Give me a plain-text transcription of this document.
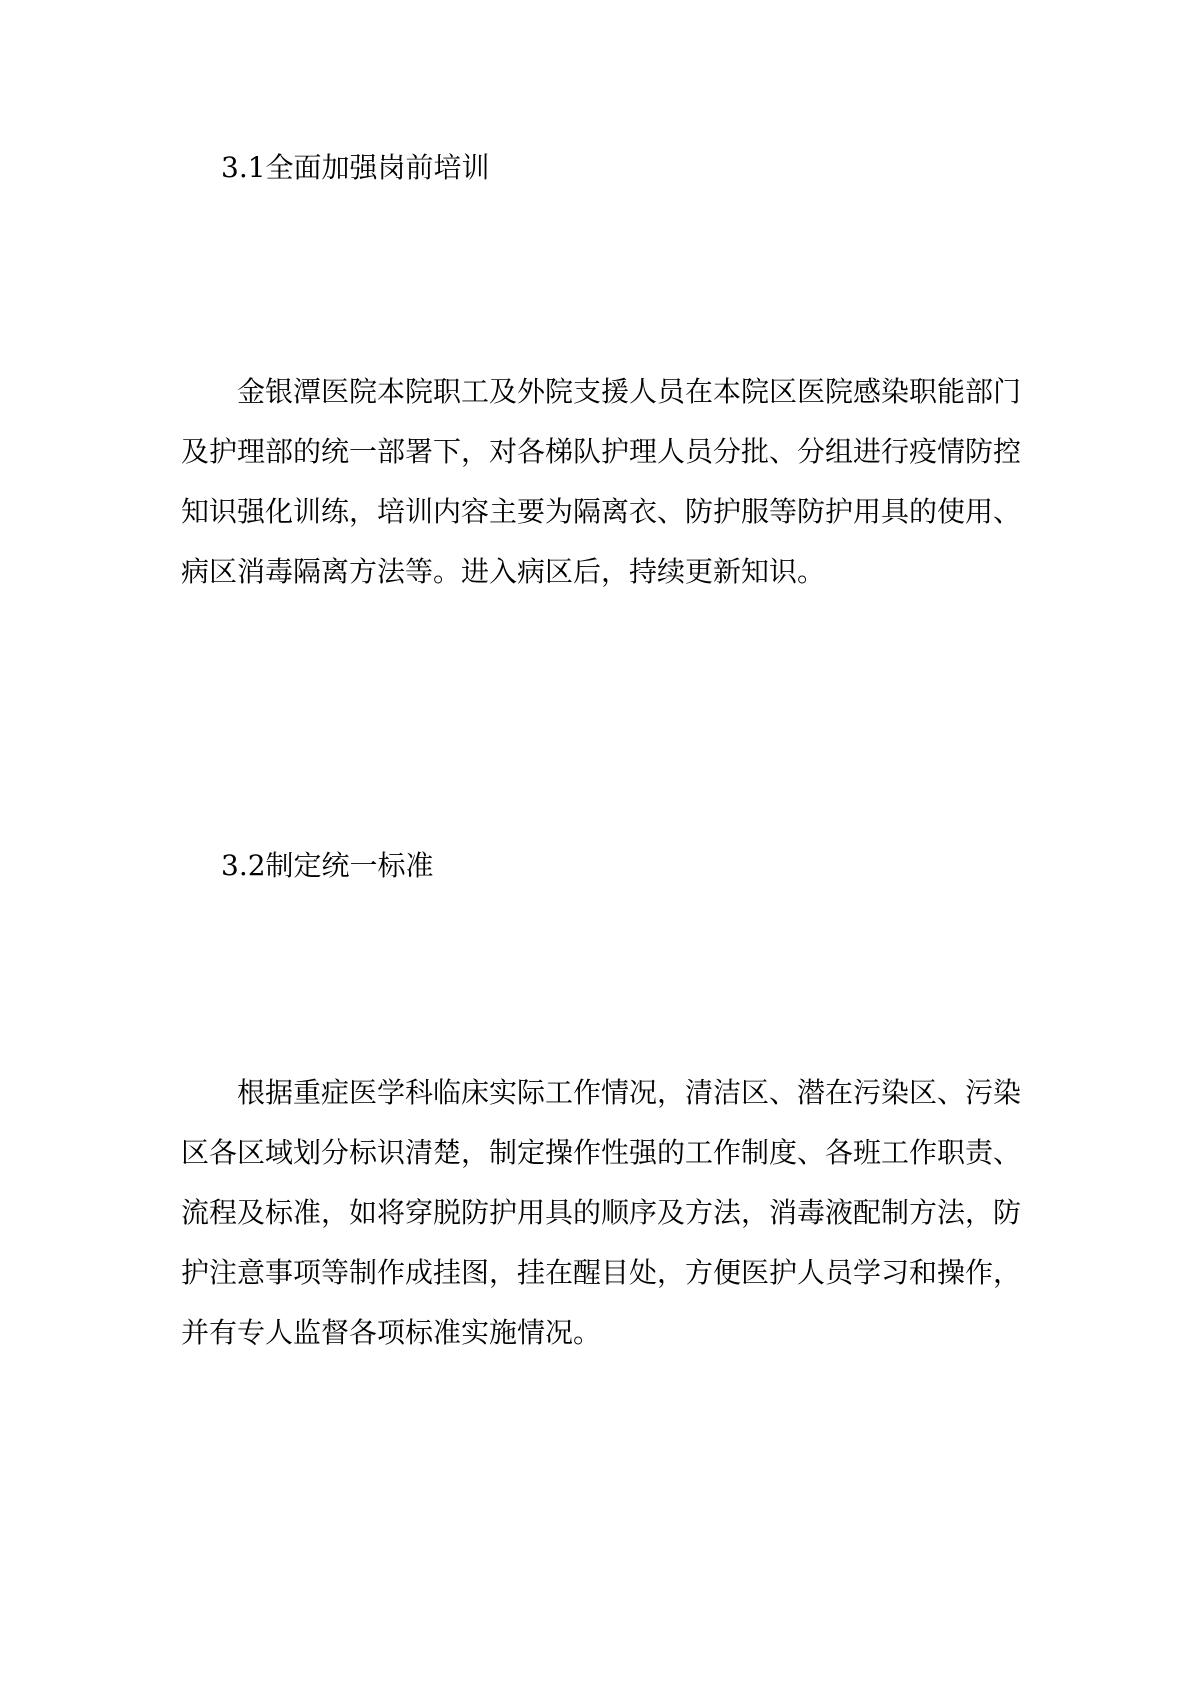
3.1全面加强岗前培训
　　金银潭医院本院职工及外院支援人员在本院区医院感染职能部门
及护理部的统一部署下，对各梯队护理人员分批、分组进行疫情防控
知识强化训练，培训内容主要为隔离衣、防护服等防护用具的使用、
病区消毒隔离方法等。进入病区后，持续更新知识。
3.2制定统一标准
　　根据重症医学科临床实际工作情况，清洁区、潜在污染区、污染
区各区域划分标识清楚，制定操作性强的工作制度、各班工作职责、
流程及标准，如将穿脱防护用具的顺序及方法，消毒液配制方法，防
护注意事项等制作成挂图，挂在醒目处，方便医护人员学习和操作，
并有专人监督各项标准实施情况。
